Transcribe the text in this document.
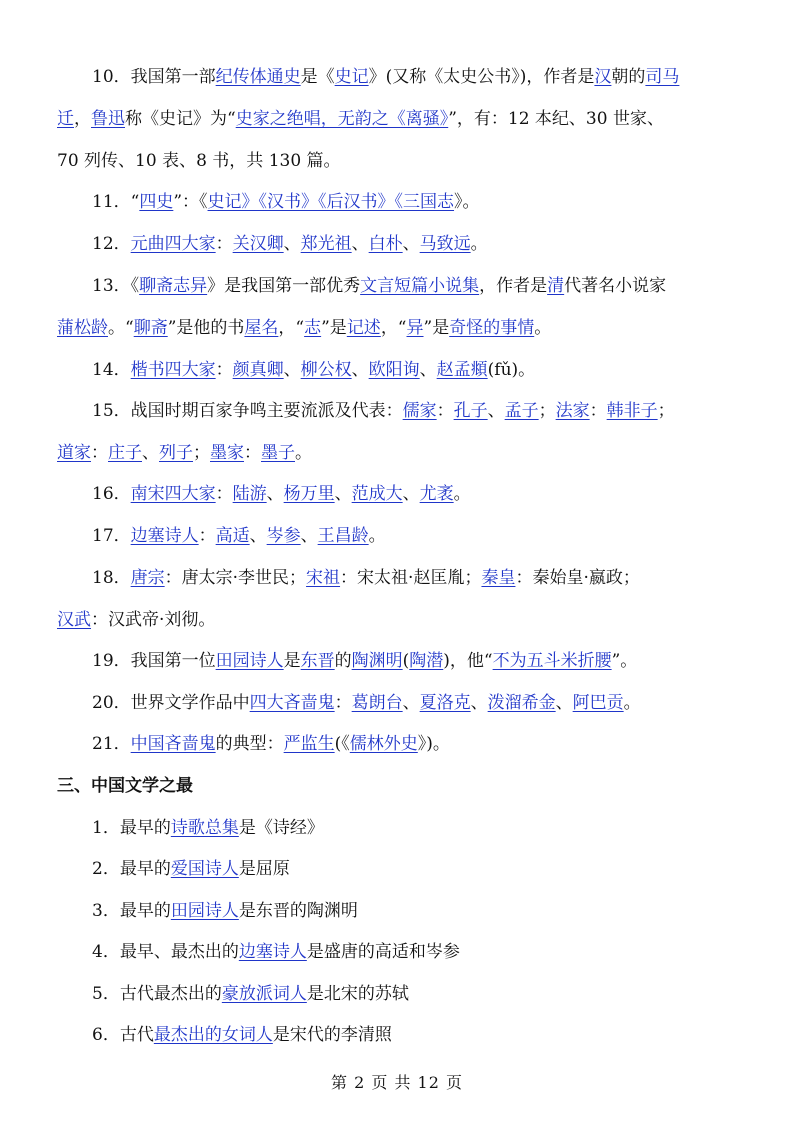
10．我国第一部纪传体通史是《史记》(又称《太史公书》)，作者是汉朝的司马
迁，鲁迅称《史记》为“史家之绝唱，无韵之《离骚》”，有：12 本纪、30 世家、
70 列传、10 表、8 书，共 130 篇。
11．“四史”：《史记》《汉书》《后汉书》《三国志》。
12．元曲四大家：关汉卿、郑光祖、白朴、马致远。
13．《聊斋志异》是我国第一部优秀文言短篇小说集，作者是清代著名小说家
蒲松龄。“聊斋”是他的书屋名，“志”是记述，“异”是奇怪的事情。
14．楷书四大家：颜真卿、柳公权、欧阳询、赵孟頫(fǔ)。
15．战国时期百家争鸣主要流派及代表：儒家：孔子、孟子；法家：韩非子；
道家：庄子、列子；墨家：墨子。
16．南宋四大家：陆游、杨万里、范成大、尤袤。
17．边塞诗人：高适、岑参、王昌龄。
18．唐宗：唐太宗·李世民；宋祖：宋太祖·赵匡胤；秦皇：秦始皇·嬴政；
汉武：汉武帝·刘彻。
19．我国第一位田园诗人是东晋的陶渊明(陶潜)，他“不为五斗米折腰”。
20．世界文学作品中四大吝啬鬼：葛朗台、夏洛克、泼溜希金、阿巴贡。
21．中国吝啬鬼的典型：严监生(《儒林外史》)。
三、中国文学之最
1．最早的诗歌总集是《诗经》
2．最早的爱国诗人是屈原
3．最早的田园诗人是东晋的陶渊明
4．最早、最杰出的边塞诗人是盛唐的高适和岑参
5．古代最杰出的豪放派词人是北宋的苏轼
6．古代最杰出的女词人是宋代的李清照
第 2 页 共 12 页
